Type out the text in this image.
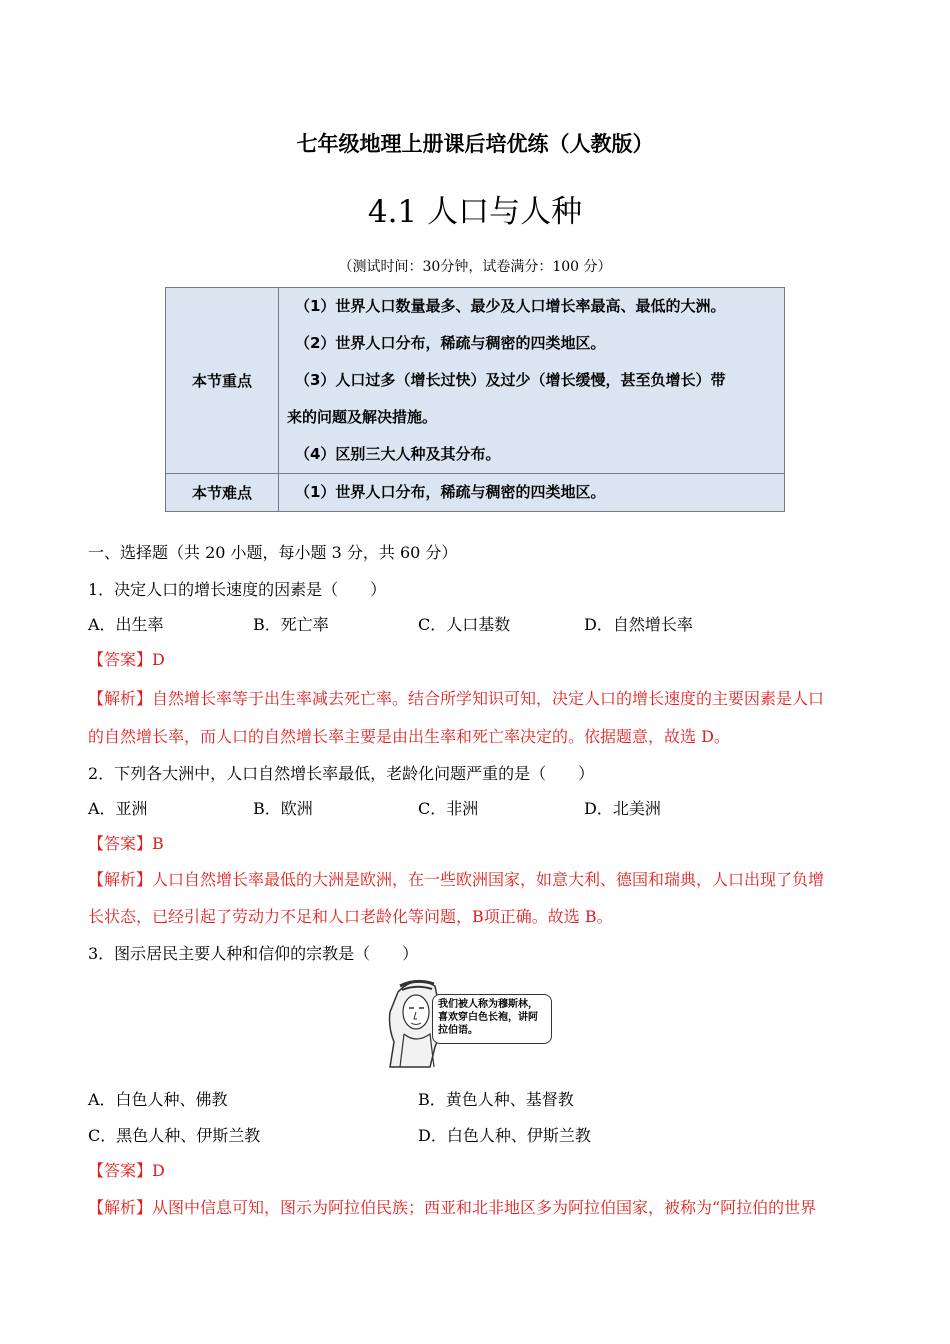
七年级地理上册课后培优练（人教版）
4.1 人口与人种
（测试时间：30分钟，试卷满分：100 分）
本节重点	（1）世界人口数量最多、最少及人口增长率最高、最低的大洲。
（2）世界人口分布，稀疏与稠密的四类地区。
（3）人口过多（增长过快）及过少（增长缓慢，甚至负增长）带
来的问题及解决措施。
（4）区别三大人种及其分布。

本节难点	（1）世界人口分布，稀疏与稠密的四类地区。
一、选择题（共 20 小题，每小题 3 分，共 60 分）
1．决定人口的增长速度的因素是（　　）
A．出生率	B．死亡率	C．人口基数	D．自然增长率
【答案】D
【解析】自然增长率等于出生率减去死亡率。结合所学知识可知，决定人口的增长速度的主要因素是人口
的自然增长率，而人口的自然增长率主要是由出生率和死亡率决定的。依据题意，故选 D。
2．下列各大洲中，人口自然增长率最低，老龄化问题严重的是（　　）
A．亚洲	B．欧洲	C．非洲	D．北美洲
【答案】B
【解析】人口自然增长率最低的大洲是欧洲，在一些欧洲国家，如意大利、德国和瑞典，人口出现了负增
长状态，已经引起了劳动力不足和人口老龄化等问题，B项正确。故选 B。
3．图示居民主要人种和信仰的宗教是（　　）
我们被人称为穆斯林，喜欢穿白色长袍，讲阿拉伯语。
A．白色人种、佛教	B．黄色人种、基督教
C．黑色人种、伊斯兰教	D．白色人种、伊斯兰教
【答案】D
【解析】从图中信息可知，图示为阿拉伯民族；西亚和北非地区多为阿拉伯国家，被称为“阿拉伯的世界
